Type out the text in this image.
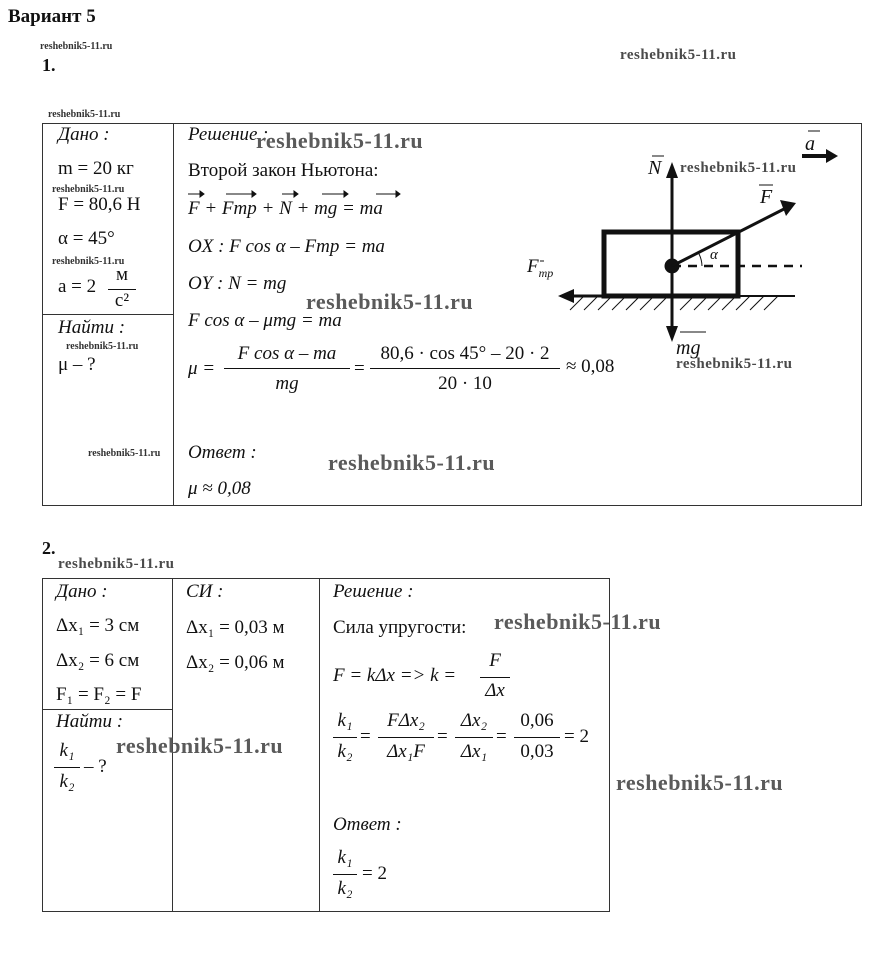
Вариант 5
reshebnik5-11.ru
reshebnik5-11.ru
reshebnik5-11.ru
1.
Дано :
m = 20 кг
reshebnik5-11.ru
F = 80,6 Н
α = 45°
reshebnik5-11.ru
a = 2
м
c²
Найти :
reshebnik5-11.ru
μ – ?
reshebnik5-11.ru
Решение :
reshebnik5-11.ru
Второй закон Ньютона:
F + Fтр + N + mg = ma
OX : F cos α – Fтр = ma
OY : N = mg
reshebnik5-11.ru
F cos α – μmg = ma
μ =
F cos α – ma
mg
=
80,6 · cos 45° – 20 · 2
20 · 10
≈ 0,08
Ответ :	reshebnik5-11.ru
μ ≈ 0,08
a
N
F
α
mg
$F_{тр}$
reshebnik5-11.ru
reshebnik5-11.ru
2.
reshebnik5-11.ru
Дано :
Δx₁ = 3 см
Δx₂ = 6 см
F₁ = F₂ = F
Найти :
k₁
k₂
– ?
СИ :
Δx₁ = 0,03 м
Δx₂ = 0,06 м
reshebnik5-11.ru
Решение :
Сила упругости: reshebnik5-11.ru
F = kΔx => k =
F
Δx
k₁
k₂
=
FΔx₂
Δx₁F
=
Δx₂
Δx₁
=
0,06
0,03
= 2
reshebnik5-11.ru
Ответ :
k₁
k₂
= 2
